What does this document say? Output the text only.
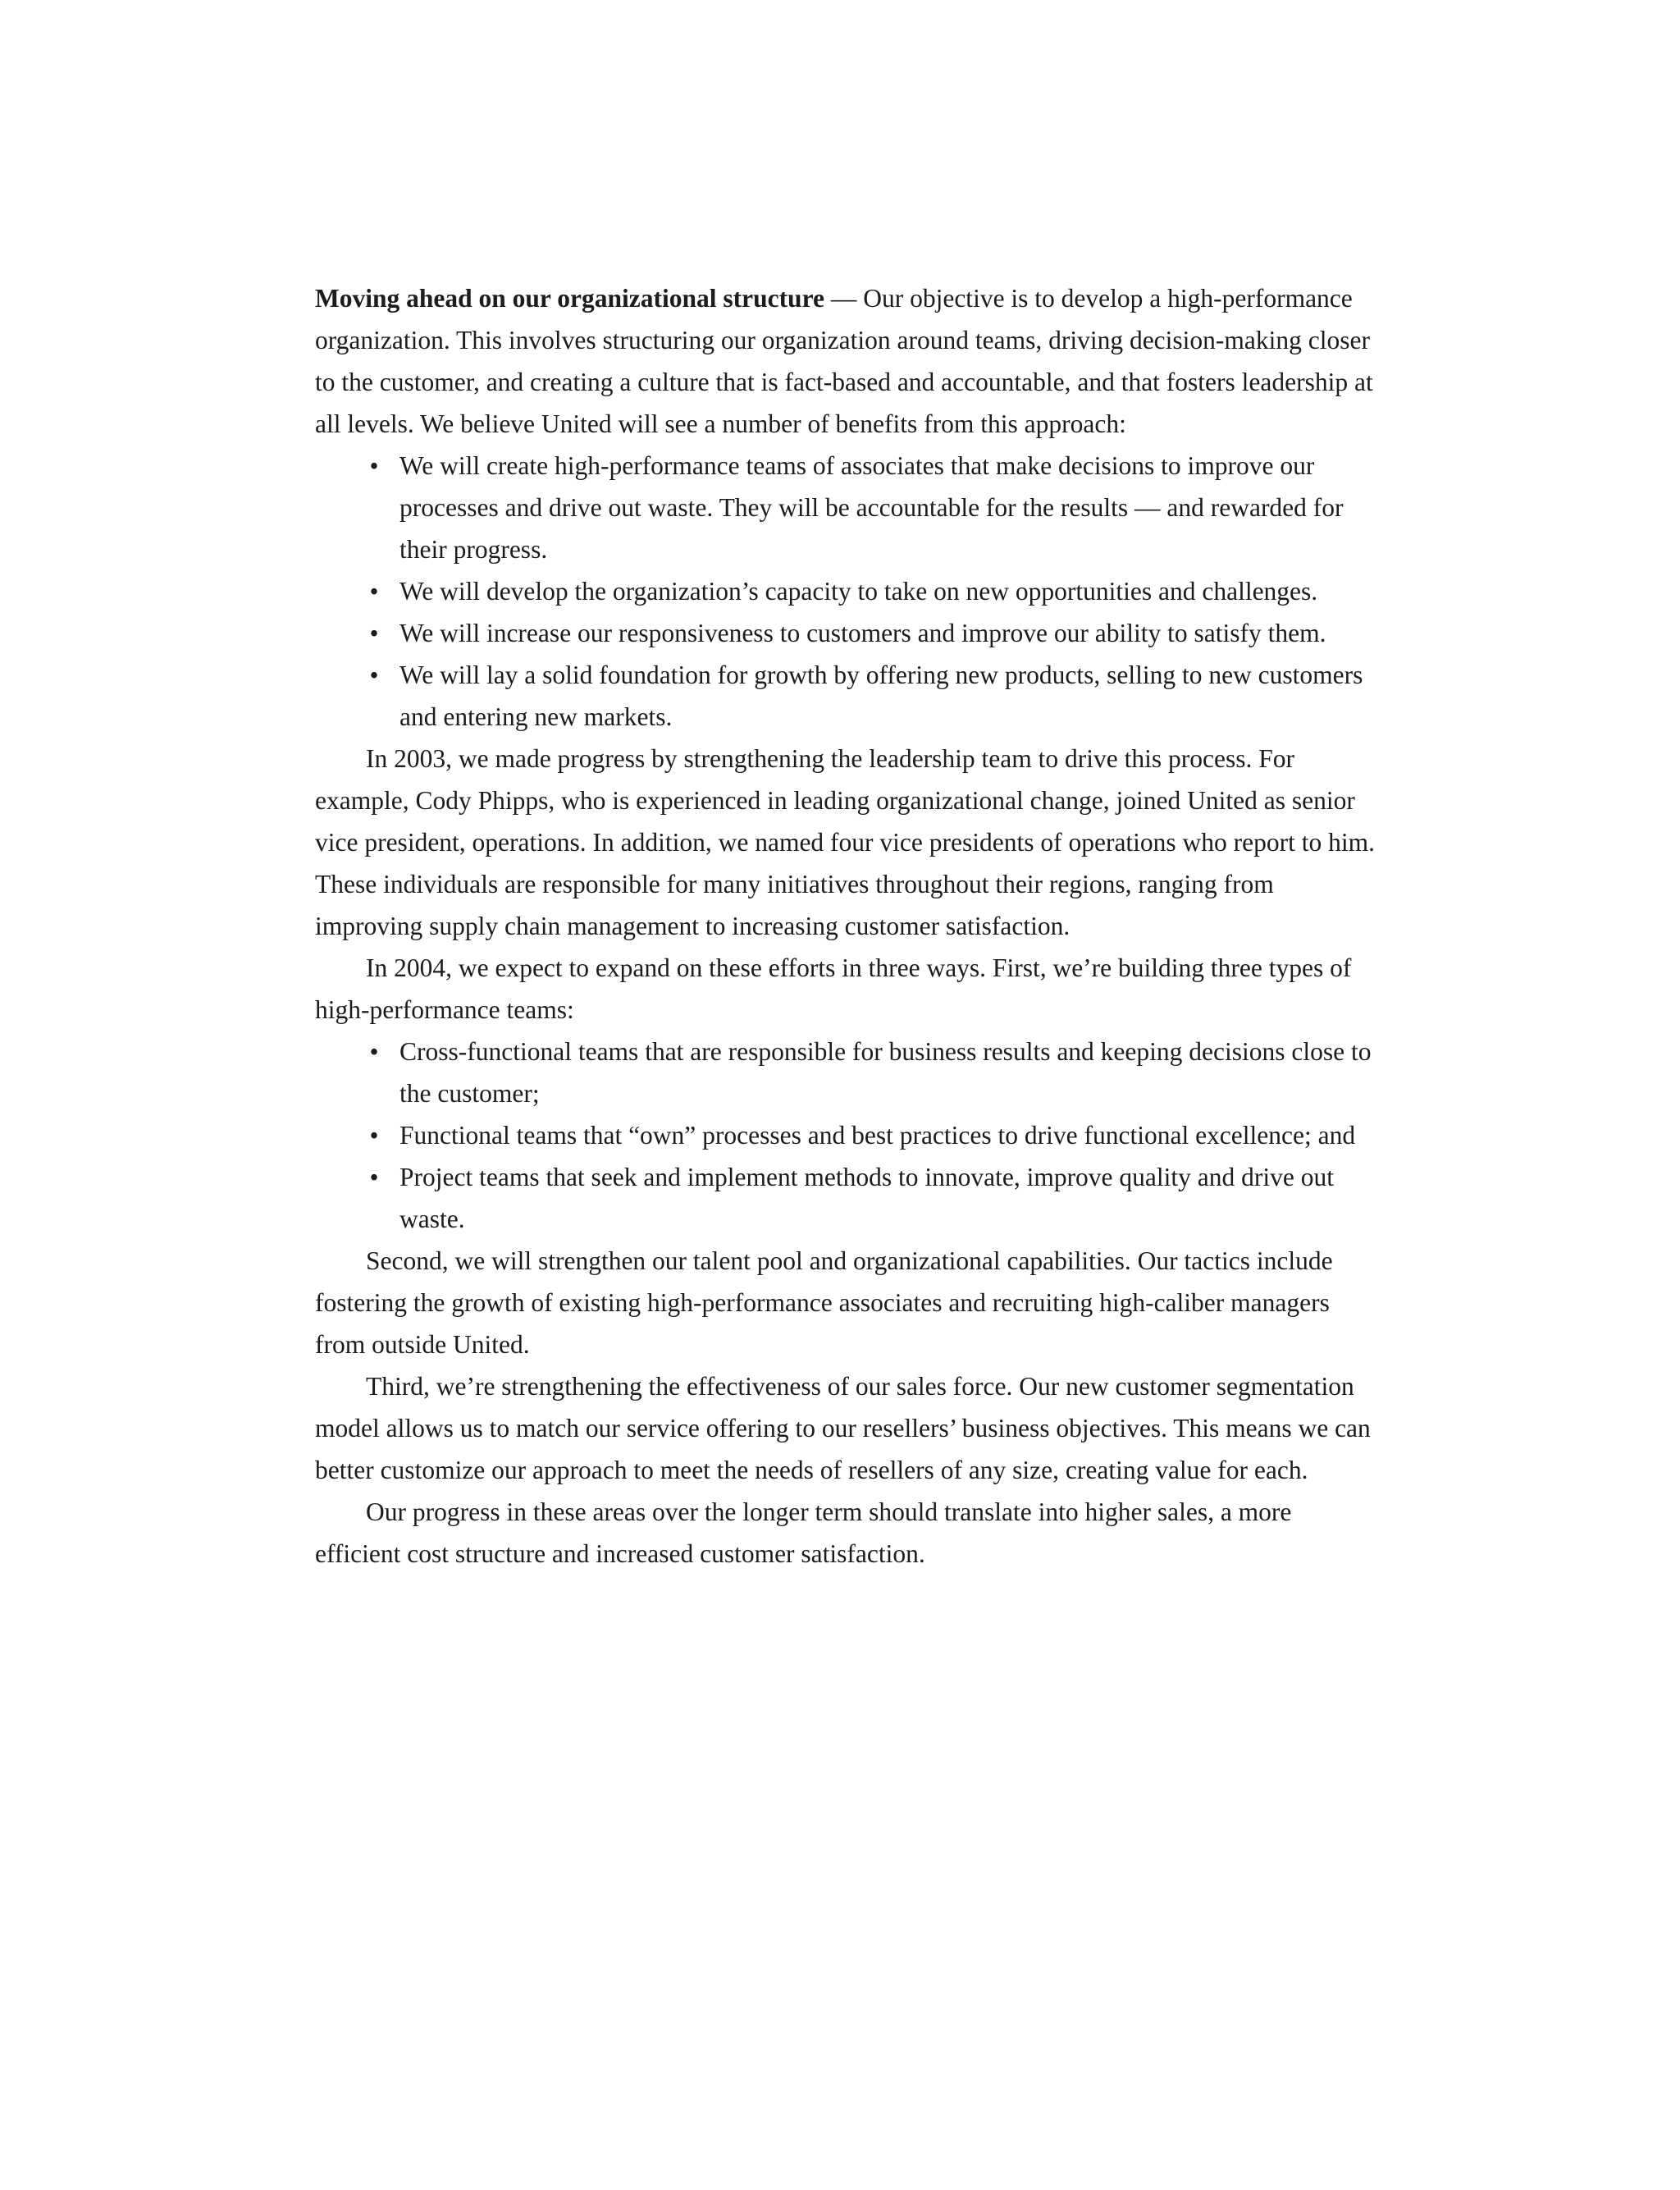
Moving ahead on our organizational structure — Our objective is to develop a high-performance organization. This involves structuring our organization around teams, driving decision-making closer to the customer, and creating a culture that is fact-based and accountable, and that fosters leadership at all levels. We believe United will see a number of benefits from this approach:

• We will create high-performance teams of associates that make decisions to improve our processes and drive out waste. They will be accountable for the results — and rewarded for their progress.
• We will develop the organization’s capacity to take on new opportunities and challenges.
• We will increase our responsiveness to customers and improve our ability to satisfy them.
• We will lay a solid foundation for growth by offering new products, selling to new customers and entering new markets.

In 2003, we made progress by strengthening the leadership team to drive this process. For example, Cody Phipps, who is experienced in leading organizational change, joined United as senior vice president, operations. In addition, we named four vice presidents of operations who report to him. These individuals are responsible for many initiatives throughout their regions, ranging from improving supply chain management to increasing customer satisfaction.

In 2004, we expect to expand on these efforts in three ways. First, we’re building three types of high-performance teams:

• Cross-functional teams that are responsible for business results and keeping decisions close to the customer;
• Functional teams that “own” processes and best practices to drive functional excellence; and
• Project teams that seek and implement methods to innovate, improve quality and drive out waste.

Second, we will strengthen our talent pool and organizational capabilities. Our tactics include fostering the growth of existing high-performance associates and recruiting high-caliber managers from outside United.

Third, we’re strengthening the effectiveness of our sales force. Our new customer segmentation model allows us to match our service offering to our resellers’ business objectives. This means we can better customize our approach to meet the needs of resellers of any size, creating value for each.

Our progress in these areas over the longer term should translate into higher sales, a more efficient cost structure and increased customer satisfaction.
